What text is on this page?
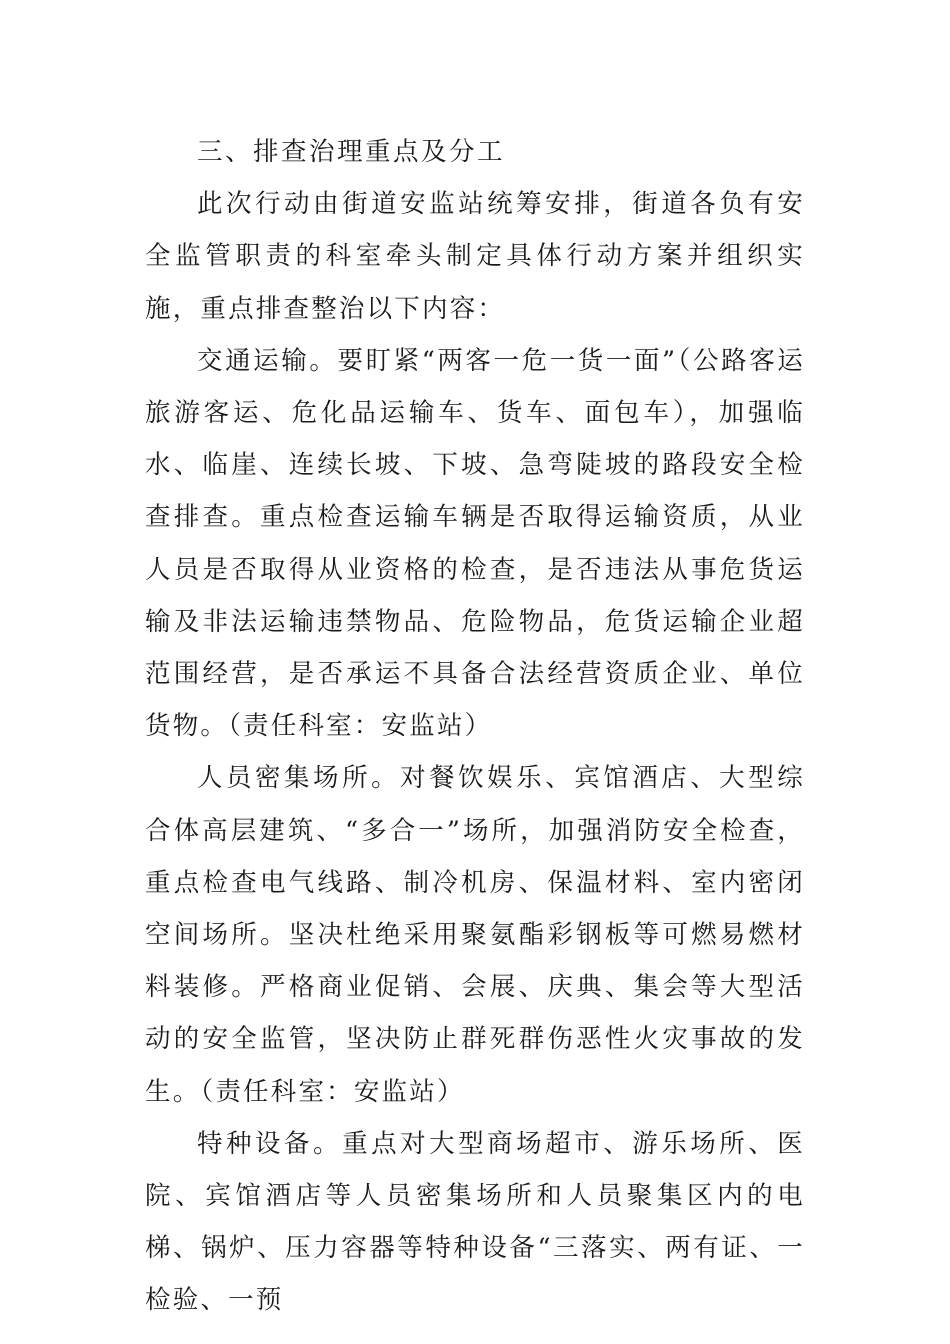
三、排查治理重点及分工

此次行动由街道安监站统筹安排，街道各负有安全监管职责的科室牵头制定具体行动方案并组织实施，重点排查整治以下内容：

交通运输。要盯紧“两客一危一货一面”（公路客运旅游客运、危化品运输车、货车、面包车），加强临水、临崖、连续长坡、下坡、急弯陡坡的路段安全检查排查。重点检查运输车辆是否取得运输资质，从业人员是否取得从业资格的检查，是否违法从事危货运输及非法运输违禁物品、危险物品，危货运输企业超范围经营，是否承运不具备合法经营资质企业、单位货物。（责任科室：安监站）

人员密集场所。对餐饮娱乐、宾馆酒店、大型综合体高层建筑、“多合一”场所，加强消防安全检查，重点检查电气线路、制冷机房、保温材料、室内密闭空间场所。坚决杜绝采用聚氨酯彩钢板等可燃易燃材料装修。严格商业促销、会展、庆典、集会等大型活动的安全监管，坚决防止群死群伤恶性火灾事故的发生。（责任科室：安监站）

特种设备。重点对大型商场超市、游乐场所、医院、宾馆酒店等人员密集场所和人员聚集区内的电梯、锅炉、压力容器等特种设备“三落实、两有证、一检验、一预
